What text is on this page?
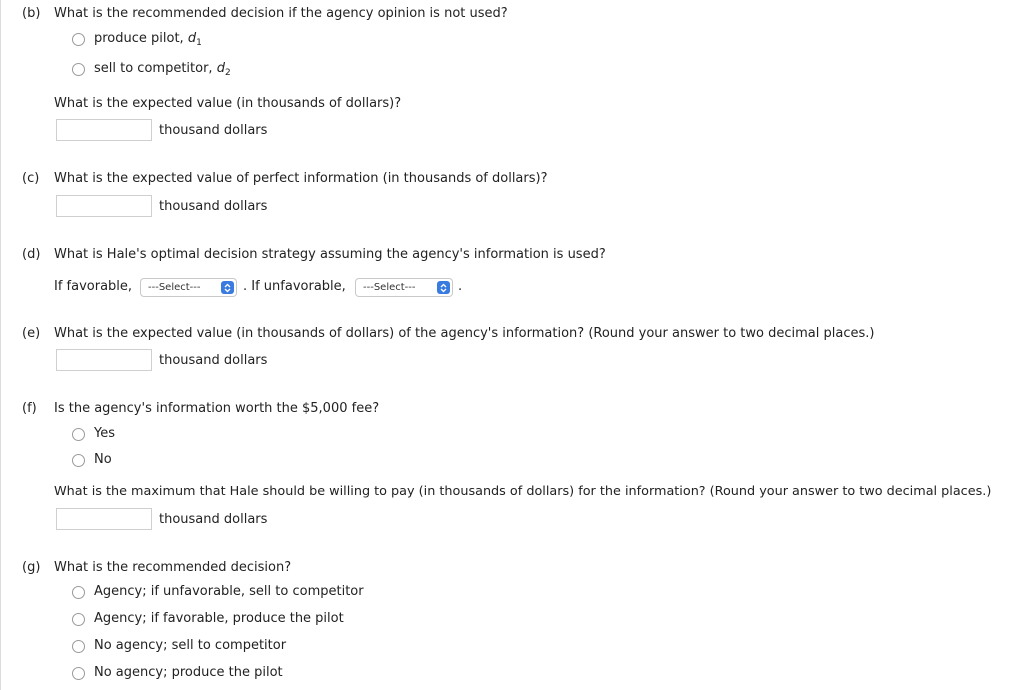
(b) What is the recommended decision if the agency opinion is not used?
produce pilot, $d_1$
sell to competitor, $d_2$
What is the expected value (in thousands of dollars)?
thousand dollars
(c) What is the expected value of perfect information (in thousands of dollars)?
thousand dollars
(d) What is Hale's optimal decision strategy assuming the agency's information is used?
If favorable,	---Select---	. If unfavorable,	---Select---	.
(e) What is the expected value (in thousands of dollars) of the agency's information? (Round your answer to two decimal places.)
thousand dollars
(f) Is the agency's information worth the $5,000 fee?
Yes
No
What is the maximum that Hale should be willing to pay (in thousands of dollars) for the information? (Round your answer to two decimal places.)
thousand dollars
(g) What is the recommended decision?
Agency; if unfavorable, sell to competitor
Agency; if favorable, produce the pilot
No agency; sell to competitor
No agency; produce the pilot
